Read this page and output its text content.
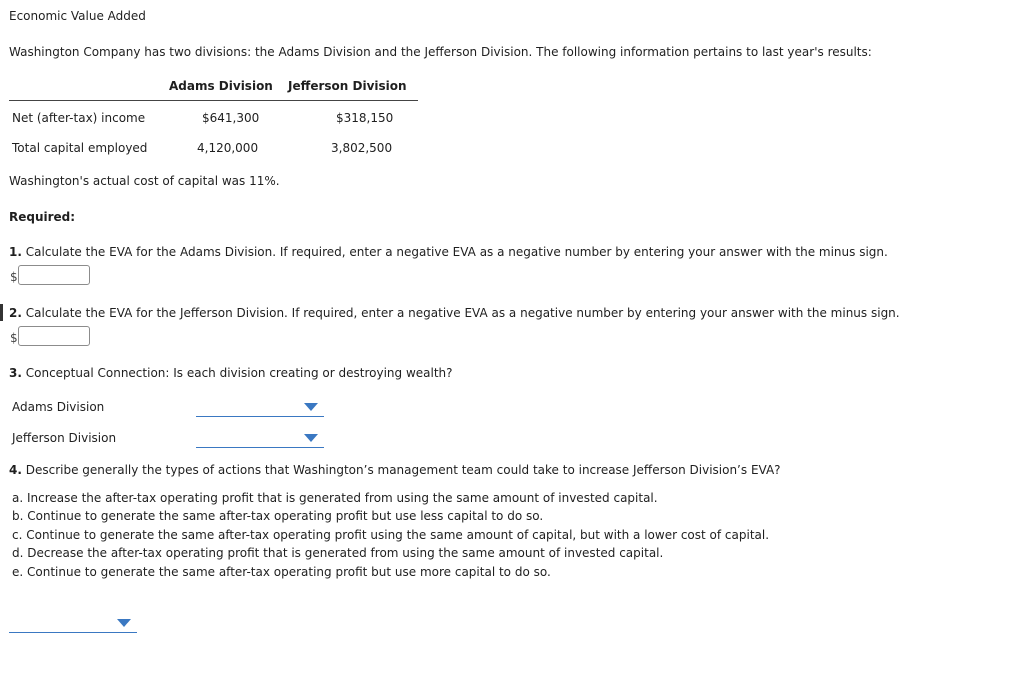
Economic Value Added
Washington Company has two divisions: the Adams Division and the Jefferson Division. The following information pertains to last year's results:
Adams Division Jefferson Division
Net (after-tax) income	$641,300	$318,150
Total capital employed	4,120,000	3,802,500
Washington's actual cost of capital was 11%.
Required:
1. Calculate the EVA for the Adams Division. If required, enter a negative EVA as a negative number by entering your answer with the minus sign.
$
2. Calculate the EVA for the Jefferson Division. If required, enter a negative EVA as a negative number by entering your answer with the minus sign.
$
3. Conceptual Connection: Is each division creating or destroying wealth?
Adams Division
Jefferson Division
4. Describe generally the types of actions that Washington’s management team could take to increase Jefferson Division’s EVA?
a. Increase the after-tax operating profit that is generated from using the same amount of invested capital.
b. Continue to generate the same after-tax operating profit but use less capital to do so.
c. Continue to generate the same after-tax operating profit using the same amount of capital, but with a lower cost of capital.
d. Decrease the after-tax operating profit that is generated from using the same amount of invested capital.
e. Continue to generate the same after-tax operating profit but use more capital to do so.
